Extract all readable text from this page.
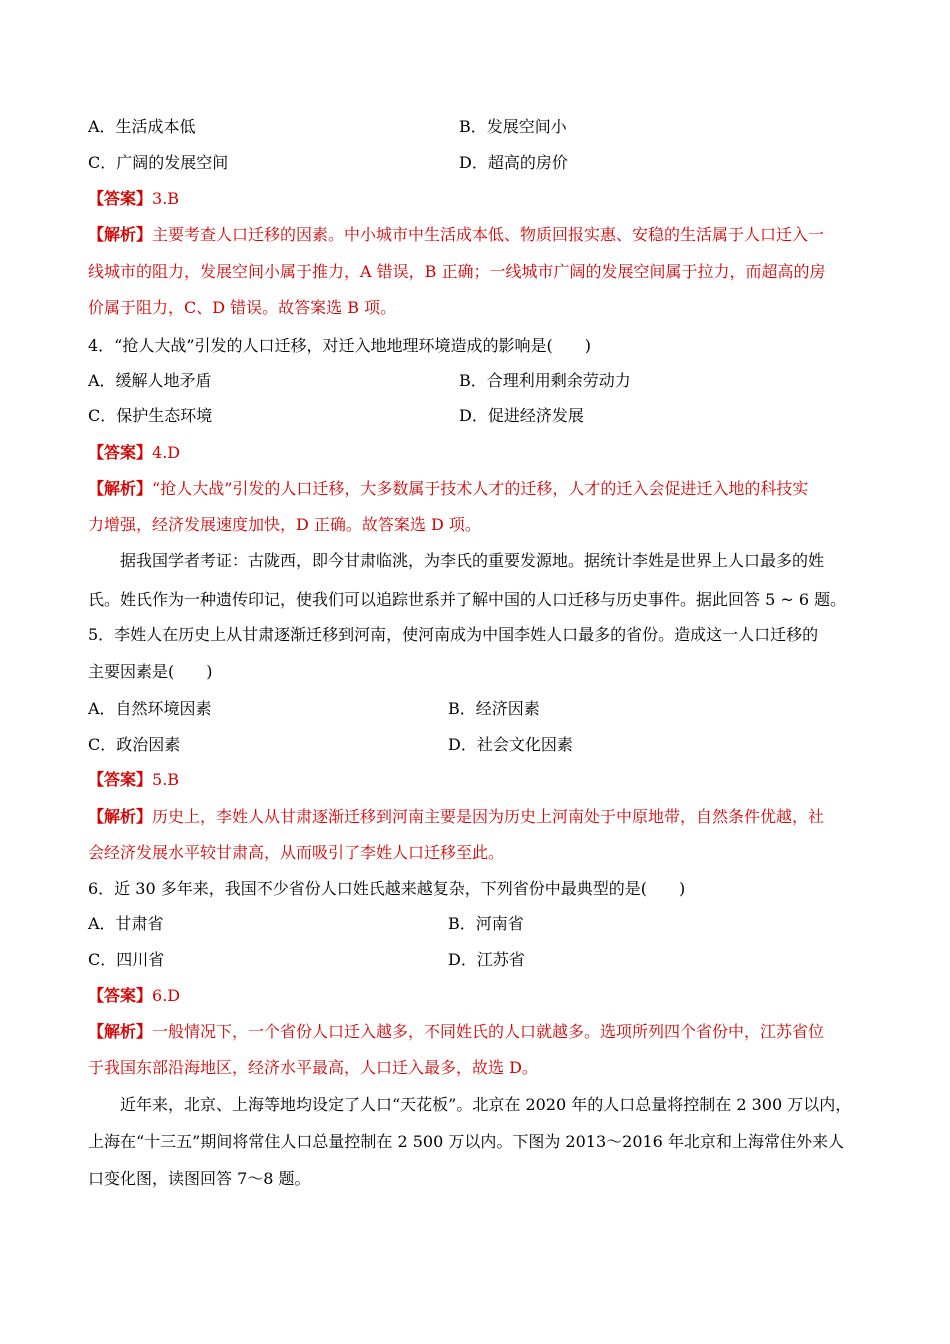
A．生活成本低	B．发展空间小
C．广阔的发展空间	D．超高的房价
【答案】3.B
【解析】主要考查人口迁移的因素。中小城市中生活成本低、物质回报实惠、安稳的生活属于人口迁入一
线城市的阻力，发展空间小属于推力，A 错误，B 正确；一线城市广阔的发展空间属于拉力，而超高的房
价属于阻力，C、D 错误。故答案选 B 项。
4．“抢人大战”引发的人口迁移，对迁入地地理环境造成的影响是(　　)
A．缓解人地矛盾	B．合理利用剩余劳动力
C．保护生态环境	D．促进经济发展
【答案】4.D
【解析】“抢人大战”引发的人口迁移，大多数属于技术人才的迁移，人才的迁入会促进迁入地的科技实
力增强，经济发展速度加快，D 正确。故答案选 D 项。
据我国学者考证：古陇西，即今甘肃临洮，为李氏的重要发源地。据统计李姓是世界上人口最多的姓
氏。姓氏作为一种遗传印记，使我们可以追踪世系并了解中国的人口迁移与历史事件。据此回答 5 ~ 6 题。
5．李姓人在历史上从甘肃逐渐迁移到河南，使河南成为中国李姓人口最多的省份。造成这一人口迁移的
主要因素是(　　)
A．自然环境因素	B．经济因素
C．政治因素	D．社会文化因素
【答案】5.B
【解析】历史上，李姓人从甘肃逐渐迁移到河南主要是因为历史上河南处于中原地带，自然条件优越，社
会经济发展水平较甘肃高，从而吸引了李姓人口迁移至此。
6．近 30 多年来，我国不少省份人口姓氏越来越复杂，下列省份中最典型的是(　　)
A．甘肃省	B．河南省
C．四川省	D．江苏省
【答案】6.D
【解析】一般情况下，一个省份人口迁入越多，不同姓氏的人口就越多。选项所列四个省份中，江苏省位
于我国东部沿海地区，经济水平最高，人口迁入最多，故选 D。
近年来，北京、上海等地均设定了人口“天花板”。北京在 2020 年的人口总量将控制在 2 300 万以内，
上海在“十三五”期间将常住人口总量控制在 2 500 万以内。下图为 2013～2016 年北京和上海常住外来人
口变化图，读图回答 7～8 题。
